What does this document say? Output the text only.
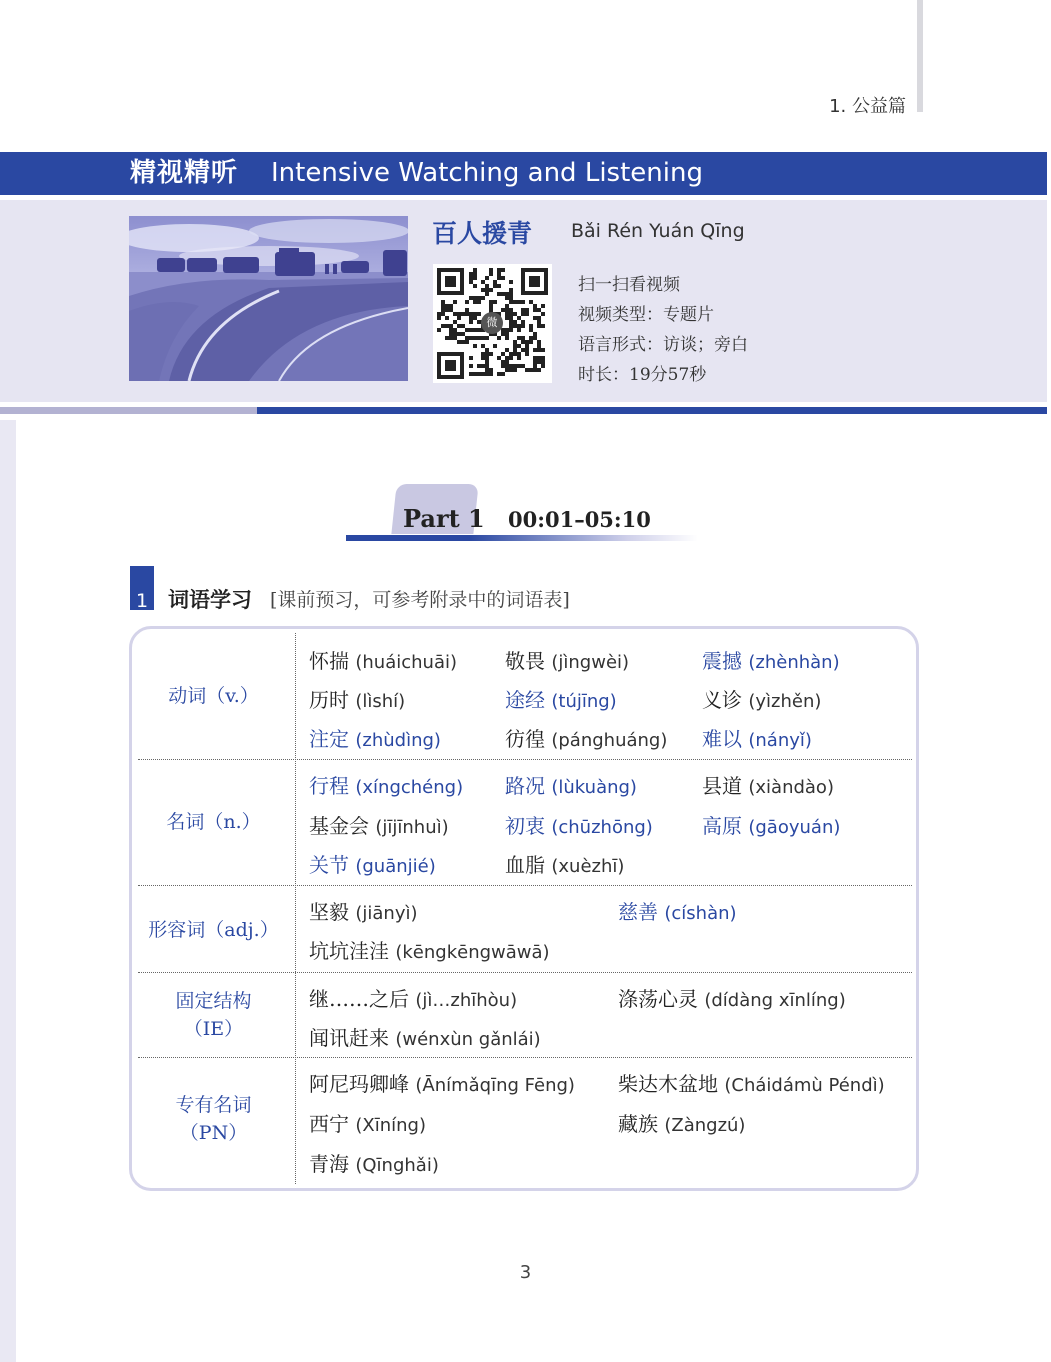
1. 公益篇
精视精听 Intensive Watching and Listening
百人援青 Bǎi Rén Yuán Qīng
微
扫一扫看视频
视频类型：专题片
语言形式：访谈；旁白
时长：19分57秒
Part 1 00:01–05:10
1 词语学习 [课前预习，可参考附录中的词语表]
动词（v.）
怀揣 (huáichuāi) 敬畏 (jìngwèi)	震撼 (zhènhàn)
历时 (lìshí)	途经 (tújīng)	义诊 (yìzhěn)
注定 (zhùdìng)	彷徨 (pánghuáng) 难以 (nányǐ)
名词（n.）
行程 (xíngchéng) 路况 (lùkuàng)	县道 (xiàndào)
基金会 (jījīnhuì)	初衷 (chūzhōng) 高原 (gāoyuán)
关节 (guānjié)	血脂 (xuèzhī)
形容词（adj.）
坚毅 (jiānyì)	慈善 (císhàn)
坑坑洼洼 (kēngkēngwāwā)
固定结构
（IE）
继……之后 (jì…zhīhòu)	涤荡心灵 (dídàng xīnlíng)
闻讯赶来 (wénxùn gǎnlái)
专有名词
（PN）
阿尼玛卿峰 (Ānímǎqīng Fēng) 柴达木盆地 (Cháidámù Péndì)
西宁 (Xīníng)	藏族 (Zàngzú)
青海 (Qīnghǎi)
3
